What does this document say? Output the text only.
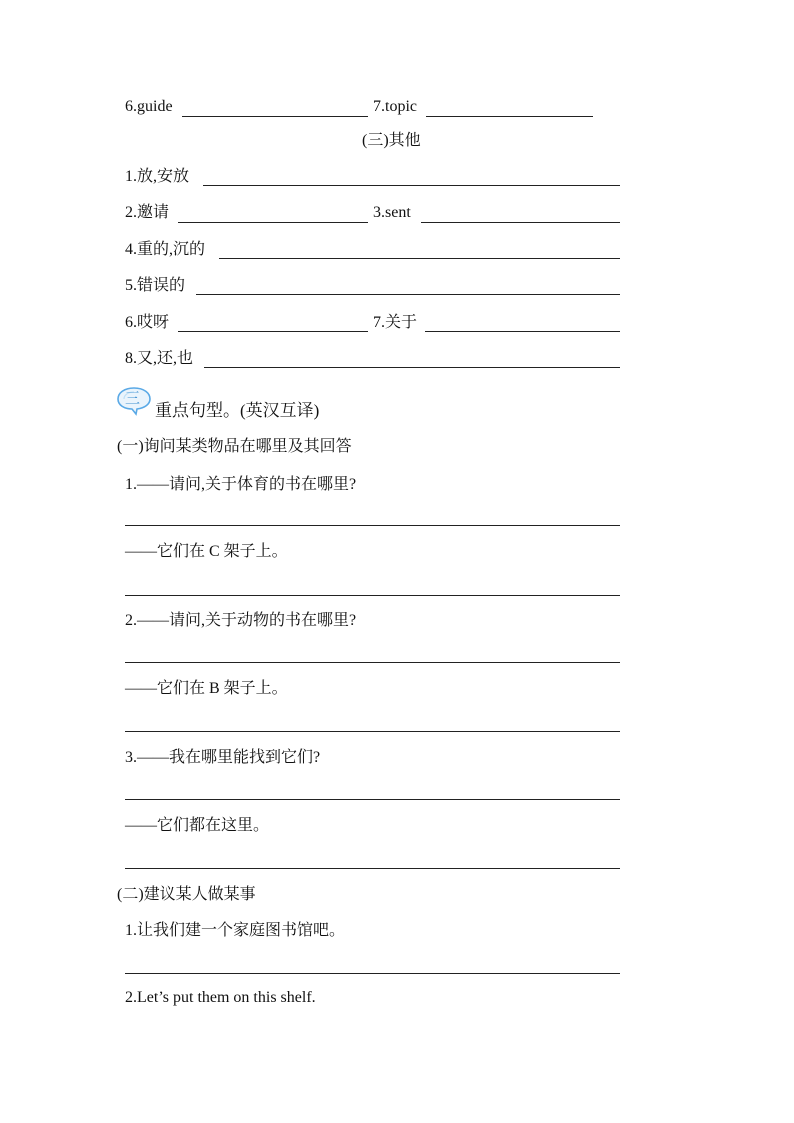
6.guide	7.topic
(三)其他
1.放,安放
2.邀请	3.sent
4.重的,沉的
5.错误的
6.哎呀	7.关于
8.又,还,也
三
重点句型。(英汉互译)
(一)询问某类物品在哪里及其回答
1.——请问,关于体育的书在哪里?
——它们在 C 架子上。
2.——请问,关于动物的书在哪里?
——它们在 B 架子上。
3.——我在哪里能找到它们?
——它们都在这里。
(二)建议某人做某事
1.让我们建一个家庭图书馆吧。
2.Let’s put them on this shelf.
